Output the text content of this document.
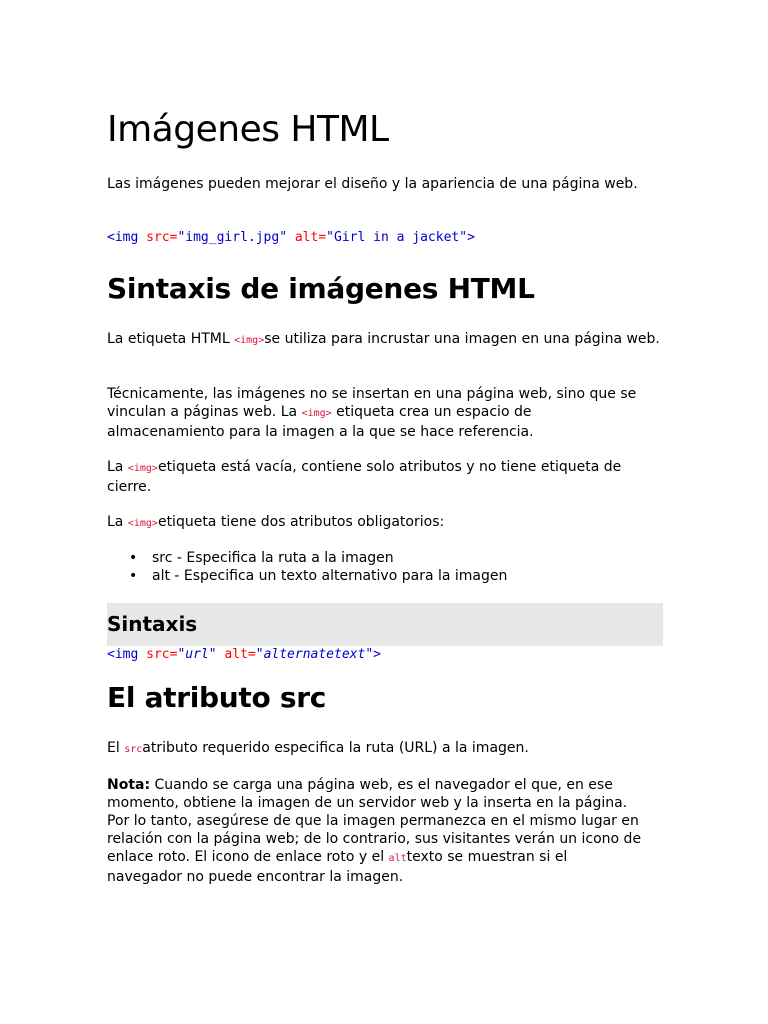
Imágenes HTML

Las imágenes pueden mejorar el diseño y la apariencia de una página web.

<img src="img_girl.jpg" alt="Girl in a jacket">
Sintaxis de imágenes HTML

La etiqueta HTML <img>se utiliza para incrustar una imagen en una página web.

Técnicamente, las imágenes no se insertan en una página web, sino que se
vinculan a páginas web. La <img> etiqueta crea un espacio de
almacenamiento para la imagen a la que se hace referencia.

La <img>etiqueta está vacía, contiene solo atributos y no tiene etiqueta de cierre.

La <img>etiqueta tiene dos atributos obligatorios:

• src - Especifica la ruta a la imagen
• alt - Especifica un texto alternativo para la imagen
Sintaxis
<img src="url" alt="alternatetext">
El atributo src

El srcatributo requerido especifica la ruta (URL) a la imagen.

Nota: Cuando se carga una página web, es el navegador el que, en ese
momento, obtiene la imagen de un servidor web y la inserta en la página.
Por lo tanto, asegúrese de que la imagen permanezca en el mismo lugar en
relación con la página web; de lo contrario, sus visitantes verán un icono de
enlace roto. El icono de enlace roto y el alttexto se muestran si el
navegador no puede encontrar la imagen.
